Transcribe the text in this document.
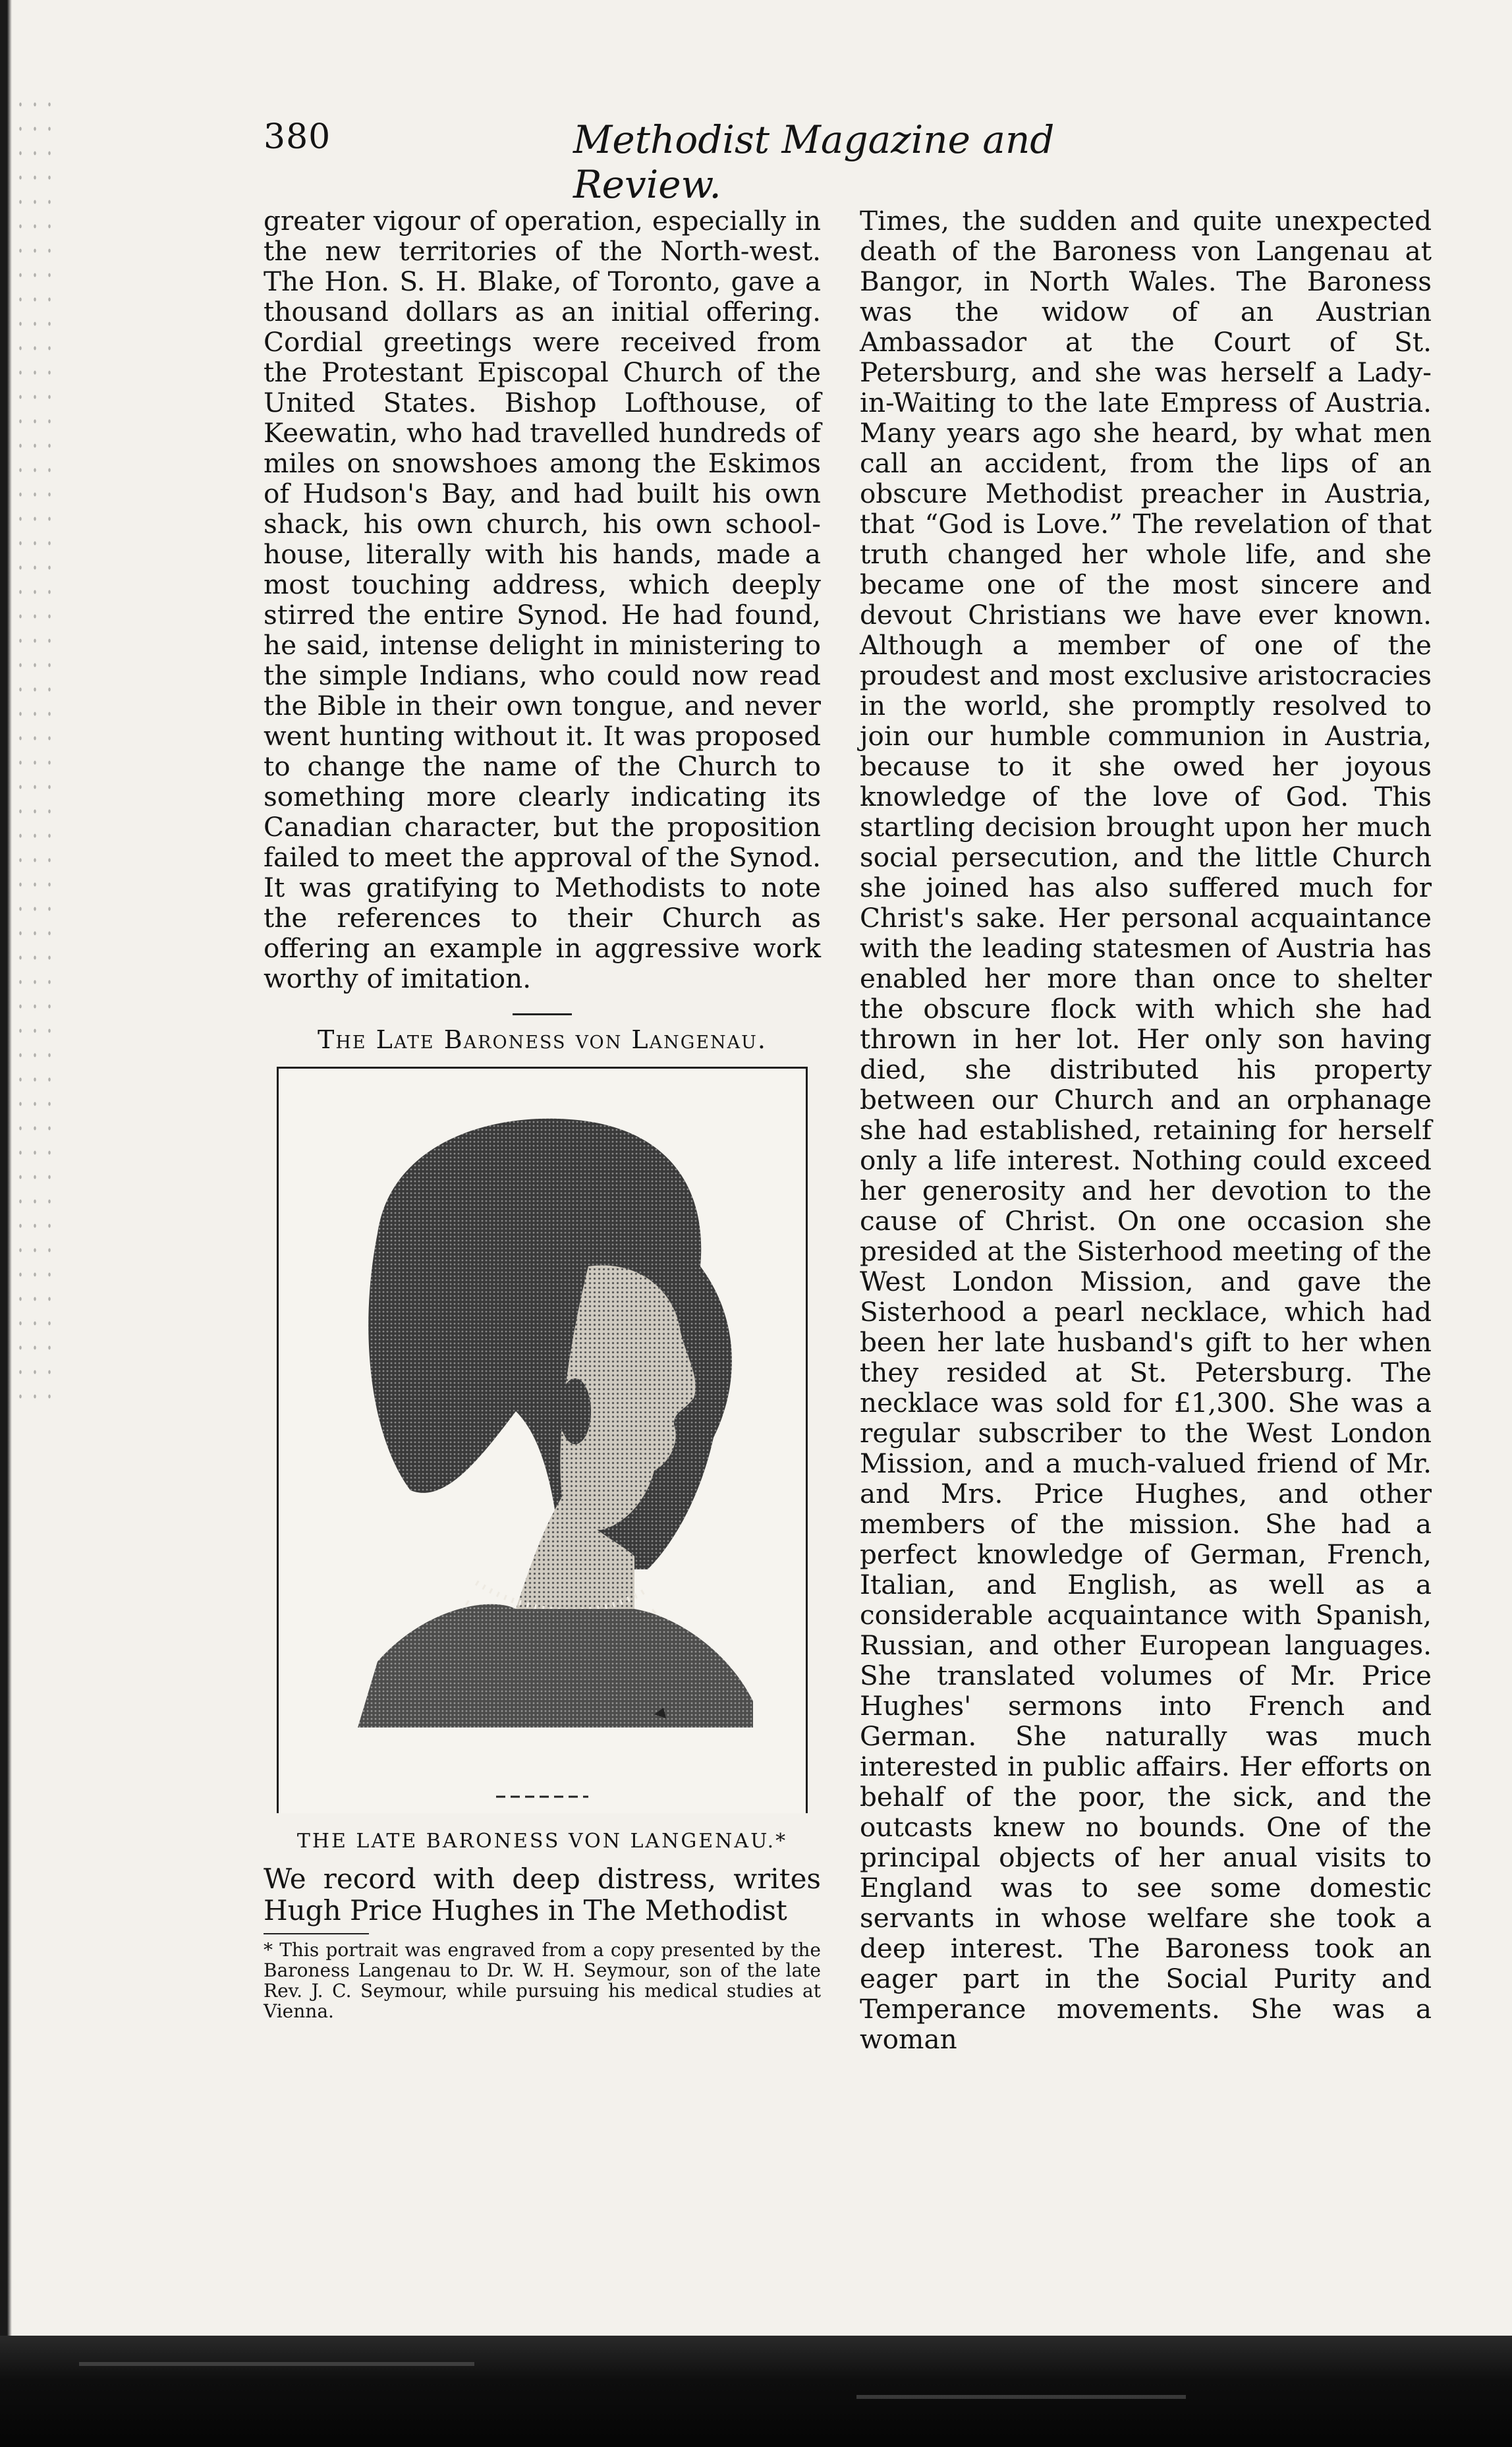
380	Methodist Magazine and Review.

greater vigour of operation, especially in the new territories of the North-west. The Hon. S. H. Blake, of Toronto, gave a thousand dollars as an initial offering. Cordial greetings were received from the Protestant Episcopal Church of the United States. Bishop Lofthouse, of Keewatin, who had travelled hundreds of miles on snowshoes among the Eskimos of Hudson's Bay, and had built his own shack, his own church, his own school-house, literally with his hands, made a most touching address, which deeply stirred the entire Synod. He had found, he said, intense delight in ministering to the simple Indians, who could now read the Bible in their own tongue, and never went hunting without it. It was proposed to change the name of the Church to something more clearly indicating its Canadian character, but the proposition failed to meet the approval of the Synod. It was gratifying to Methodists to note the references to their Church as offering an example in aggressive work worthy of imitation.

The Late Baroness von Langenau.
THE LATE BARONESS VON LANGENAU.*

We record with deep distress, writes Hugh Price Hughes in The Methodist

* This portrait was engraved from a copy presented by the Baroness Langenau to Dr. W. H. Seymour, son of the late Rev. J. C. Seymour, while pursuing his medical studies at Vienna.

Times, the sudden and quite unexpected death of the Baroness von Langenau at Bangor, in North Wales. The Baroness was the widow of an Austrian Ambassador at the Court of St. Petersburg, and she was herself a Lady-in-Waiting to the late Empress of Austria. Many years ago she heard, by what men call an accident, from the lips of an obscure Methodist preacher in Austria, that “God is Love.” The revelation of that truth changed her whole life, and she became one of the most sincere and devout Christians we have ever known. Although a member of one of the proudest and most exclusive aristocracies in the world, she promptly resolved to join our humble communion in Austria, because to it she owed her joyous knowledge of the love of God. This startling decision brought upon her much social persecution, and the little Church she joined has also suffered much for Christ's sake. Her personal acquaintance with the leading statesmen of Austria has enabled her more than once to shelter the obscure flock with which she had thrown in her lot. Her only son having died, she distributed his property between our Church and an orphanage she had established, retaining for herself only a life interest. Nothing could exceed her generosity and her devotion to the cause of Christ. On one occasion she presided at the Sisterhood meeting of the West London Mission, and gave the Sisterhood a pearl necklace, which had been her late husband's gift to her when they resided at St. Petersburg. The necklace was sold for £1,300. She was a regular subscriber to the West London Mission, and a much-valued friend of Mr. and Mrs. Price Hughes, and other members of the mission. She had a perfect knowledge of German, French, Italian, and English, as well as a considerable acquaintance with Spanish, Russian, and other European languages. She translated volumes of Mr. Price Hughes' sermons into French and German. She naturally was much interested in public affairs. Her efforts on behalf of the poor, the sick, and the outcasts knew no bounds. One of the principal objects of her anual visits to England was to see some domestic servants in whose welfare she took a deep interest. The Baroness took an eager part in the Social Purity and Temperance movements. She was a woman
